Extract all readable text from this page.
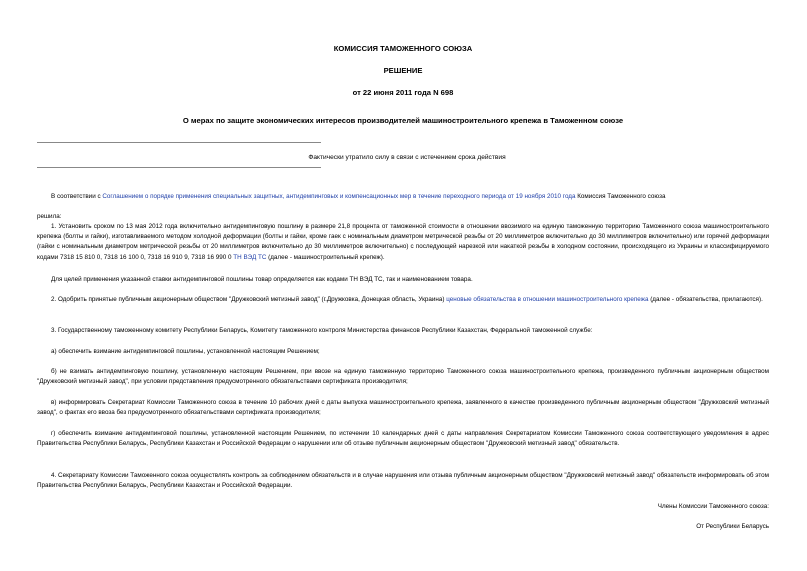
КОМИССИЯ ТАМОЖЕННОГО СОЮЗА
РЕШЕНИЕ
от 22 июня 2011 года N 698
О мерах по защите экономических интересов производителей машиностроительного крепежа в Таможенном союзе
Фактически утратило силу в связи с истечением срока действия
В соответствии с Соглашением о порядке применения специальных защитных, антидемпинговых и компенсационных мер в течение переходного периода от 19 ноября 2010 года Комиссия Таможенного союза
решила:
1. Установить сроком по 13 мая 2012 года включительно антидемпинговую пошлину в размере 21,8 процента от таможенной стоимости в отношении ввозимого на единую таможенную территорию Таможенного союза машиностроительного крепежа (болты и гайки), изготавливаемого методом холодной деформации (болты и гайки, кроме гаек с номинальным диаметром метрической резьбы от 20 миллиметров включительно до 30 миллиметров включительно) или горячей деформации (гайки с номинальным диаметром метрической резьбы от 20 миллиметров включительно до 30 миллиметров включительно) с последующей нарезкой или накаткой резьбы в холодном состоянии, происходящего из Украины и классифицируемого кодами 7318 15 810 0, 7318 16 100 0, 7318 16 910 9, 7318 16 990 0 ТН ВЭД ТС (далее - машиностроительный крепеж).
Для целей применения указанной ставки антидемпинговой пошлины товар определяется как кодами ТН ВЭД ТС, так и наименованием товара.
2. Одобрить принятые публичным акционерным обществом "Дружковский метизный завод" (г.Дружковка, Донецкая область, Украина) ценовые обязательства в отношении машиностроительного крепежа (далее - обязательства, прилагаются).
3. Государственному таможенному комитету Республики Беларусь, Комитету таможенного контроля Министерства финансов Республики Казахстан, Федеральной таможенной службе:
а) обеспечить взимание антидемпинговой пошлины, установленной настоящим Решением;
б) не взимать антидемпинговую пошлину, установленную настоящим Решением, при ввозе на единую таможенную территорию Таможенного союза машиностроительного крепежа, произведенного публичным акционерным обществом "Дружковский метизный завод", при условии представления предусмотренного обязательствами сертификата производителя;
в) информировать Секретариат Комиссии Таможенного союза в течение 10 рабочих дней с даты выпуска машиностроительного крепежа, заявленного в качестве произведенного публичным акционерным обществом "Дружковский метизный завод", о фактах его ввоза без предусмотренного обязательствами сертификата производителя;
г) обеспечить взимание антидемпинговой пошлины, установленной настоящим Решением, по истечении 10 календарных дней с даты направления Секретариатом Комиссии Таможенного союза соответствующего уведомления в адрес Правительства Республики Беларусь, Республики Казахстан и Российской Федерации о нарушении или об отзыве публичным акционерным обществом "Дружковский метизный завод" обязательств.
4. Секретариату Комиссии Таможенного союза осуществлять контроль за соблюдением обязательств и в случае нарушения или отзыва публичным акционерным обществом "Дружковский метизный завод" обязательств информировать об этом Правительства Республики Беларусь, Республики Казахстан и Российской Федерации.
Члены Комиссии Таможенного союза:
От Республики Беларусь
